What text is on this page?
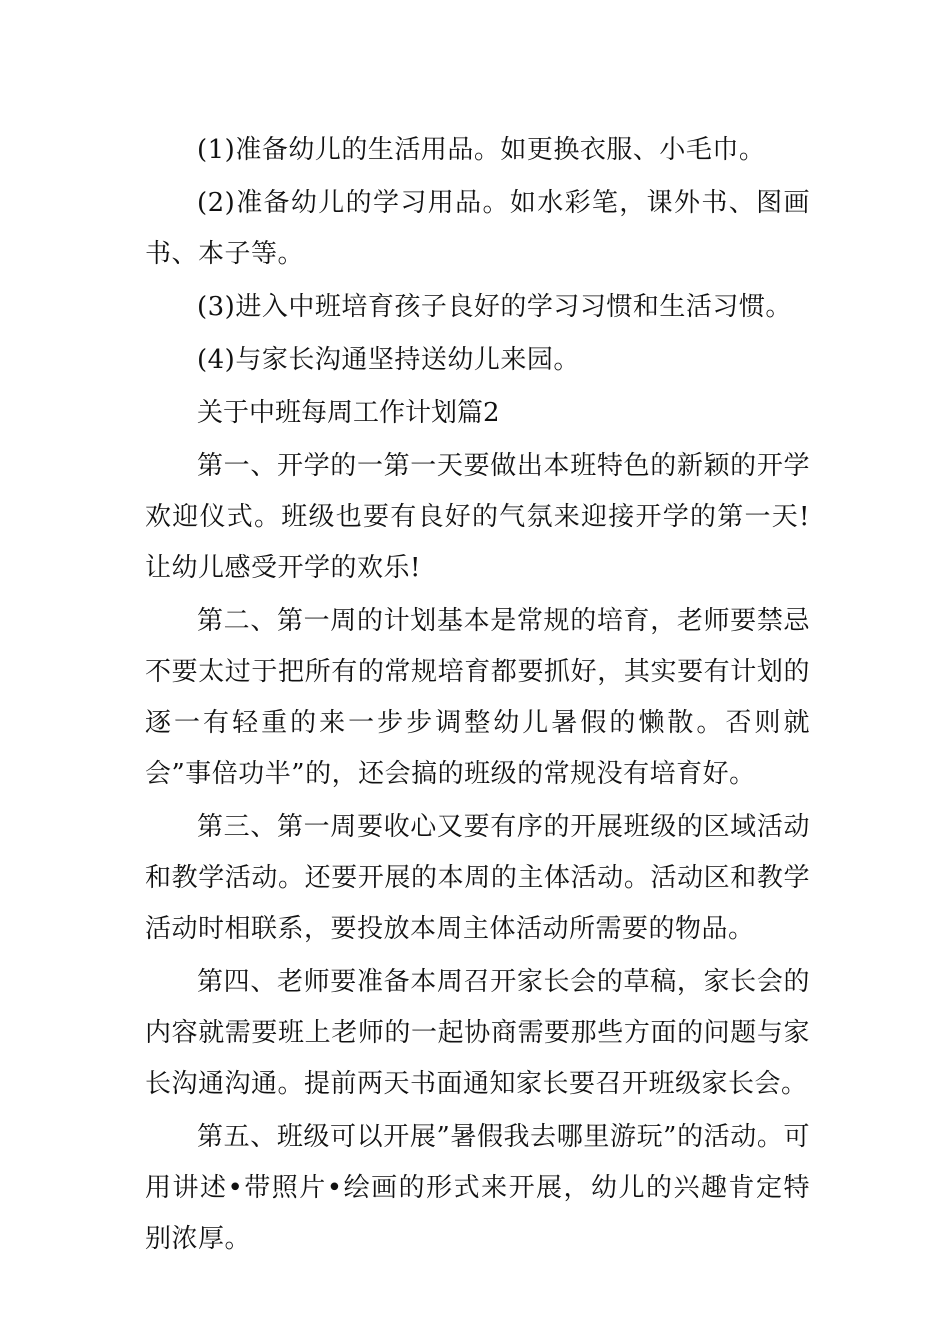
(1)准备幼儿的生活用品。如更换衣服、小毛巾。

(2)准备幼儿的学习用品。如水彩笔，课外书、图画书、本子等。

(3)进入中班培育孩子良好的学习习惯和生活习惯。

(4)与家长沟通坚持送幼儿来园。

关于中班每周工作计划篇2

第一、开学的一第一天要做出本班特色的新颖的开学欢迎仪式。班级也要有良好的气氛来迎接开学的第一天!让幼儿感受开学的欢乐!

第二、第一周的计划基本是常规的培育，老师要禁忌不要太过于把所有的常规培育都要抓好，其实要有计划的逐一有轻重的来一步步调整幼儿暑假的懒散。否则就会”事倍功半”的，还会搞的班级的常规没有培育好。

第三、第一周要收心又要有序的开展班级的区域活动和教学活动。还要开展的本周的主体活动。活动区和教学活动时相联系，要投放本周主体活动所需要的物品。

第四、老师要准备本周召开家长会的草稿，家长会的内容就需要班上老师的一起协商需要那些方面的问题与家长沟通沟通。提前两天书面通知家长要召开班级家长会。

第五、班级可以开展”暑假我去哪里游玩”的活动。可用讲述•带照片•绘画的形式来开展，幼儿的兴趣肯定特别浓厚。
